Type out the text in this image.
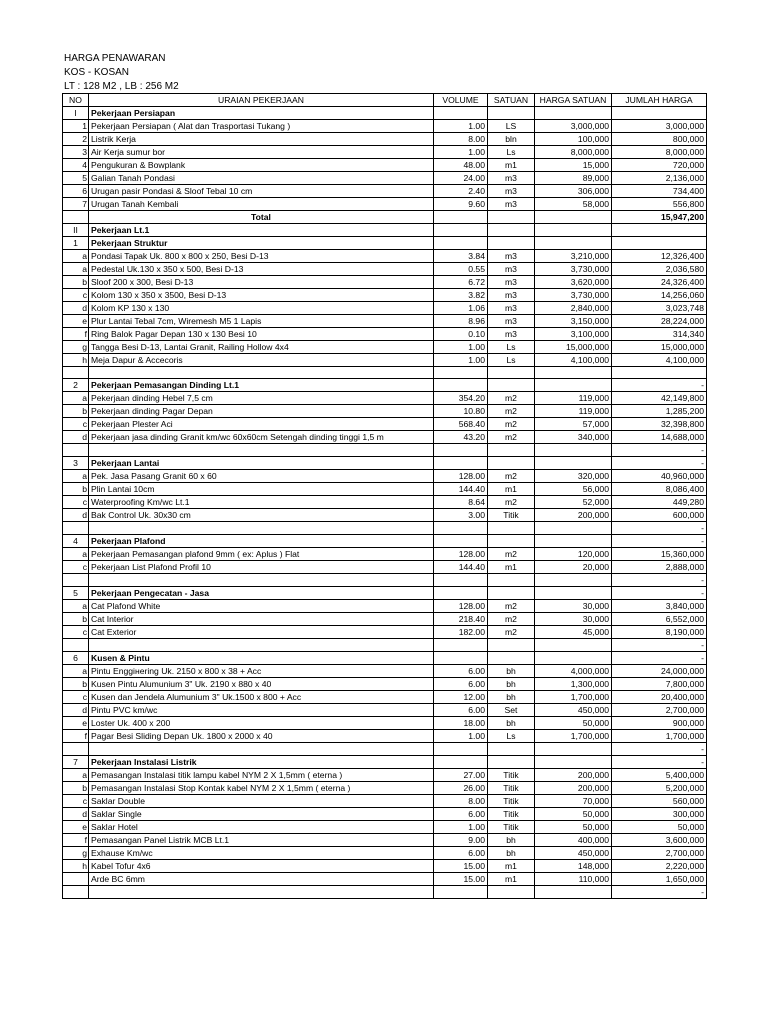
HARGA PENAWARAN
KOS - KOSAN
LT : 128 M2 , LB : 256 M2
NO	URAIAN PEKERJAAN	VOLUME	SATUAN	HARGA SATUAN	JUMLAH HARGA
I	Pekerjaan Persiapan				
1	Pekerjaan Persiapan ( Alat dan Trasportasi Tukang )	1.00	LS	3,000,000	3,000,000
2	Listrik Kerja	8.00	bln	100,000	800,000
3	Air Kerja sumur bor	1.00	Ls	8,000,000	8,000,000
4	Pengukuran & Bowplank	48.00	m1	15,000	720,000
5	Galian Tanah Pondasi	24.00	m3	89,000	2,136,000
6	Urugan pasir Pondasi & Sloof Tebal 10 cm	2.40	m3	306,000	734,400
7	Urugan Tanah Kembali	9.60	m3	58,000	556,800
	Total				15,947,200
II	Pekerjaan Lt.1				
1	Pekerjaan Struktur				
a	Pondasi Tapak Uk. 800 x 800 x 250, Besi D-13	3.84	m3	3,210,000	12,326,400
a	Pedestal Uk.130 x 350 x 500, Besi D-13	0.55	m3	3,730,000	2,036,580
b	Sloof 200 x 300, Besi D-13	6.72	m3	3,620,000	24,326,400
c	Kolom 130 x 350 x 3500, Besi D-13	3.82	m3	3,730,000	14,256,060
d	Kolom KP 130 x 130	1.06	m3	2,840,000	3,023,748
e	Plur Lantai Tebal 7cm, Wiremesh M5 1 Lapis	8.96	m3	3,150,000	28,224,000
f	Ring Balok Pagar Depan 130 x 130 Besi 10	0.10	m3	3,100,000	314,340
g	Tangga Besi D-13, Lantai Granit, Railing Hollow 4x4	1.00	Ls	15,000,000	15,000,000
h	Meja Dapur & Accecoris	1.00	Ls	4,100,000	4,100,000

2	Pekerjaan Pemasangan Dinding Lt.1				-
a	Pekerjaan dinding Hebel 7,5 cm	354.20	m2	119,000	42,149,800
b	Pekerjaan dinding Pagar Depan	10.80	m2	119,000	1,285,200
c	Pekerjaan Plester Aci	568.40	m2	57,000	32,398,800
d	Pekerjaan jasa dinding Granit km/wc 60x60cm Setengah dinding tinggi 1,5 m	43.20	m2	340,000	14,688,000
					-
3	Pekerjaan Lantai				-
a	Pek. Jasa Pasang Granit 60 x 60	128.00	m2	320,000	40,960,000
b	Plin Lantai 10cm	144.40	m1	56,000	8,086,400
c	Waterproofing Km/wc Lt.1	8.64	m2	52,000	449,280
d	Bak Control Uk. 30x30 cm	3.00	Titik	200,000	600,000
					-
4	Pekerjaan Plafond				-
a	Pekerjaan Pemasangan plafond 9mm ( ex: Aplus ) Flat	128.00	m2	120,000	15,360,000
c	Pekerjaan List Plafond Profil 10	144.40	m1	20,000	2,888,000
					-
5	Pekerjaan Pengecatan - Jasa				-
a	Cat Plafond White	128.00	m2	30,000	3,840,000
b	Cat Interior	218.40	m2	30,000	6,552,000
c	Cat Exterior	182.00	m2	45,000	8,190,000
					-
6	Kusen & Pintu				-
a	Pintu Enggінering Uk. 2150 x 800 x 38 + Acc	6.00	bh	4,000,000	24,000,000
b	Kusen Pintu Alumunium 3" Uk. 2190 x 880 x 40	6.00	bh	1,300,000	7,800,000
c	Kusen dan Jendela Alumunium 3" Uk.1500 x 800 + Acc	12.00	bh	1,700,000	20,400,000
d	Pintu PVC km/wc	6.00	Set	450,000	2,700,000
e	Loster Uk. 400 x 200	18.00	bh	50,000	900,000
f	Pagar Besi Sliding Depan Uk. 1800 x 2000 x 40	1.00	Ls	1,700,000	1,700,000
					-
7	Pekerjaan Instalasi Listrik				-
a	Pemasangan Instalasi titik lampu kabel NYM 2 X 1,5mm ( eterna )	27.00	Titik	200,000	5,400,000
b	Pemasangan Instalasi Stop Kontak kabel NYM 2 X 1,5mm ( eterna )	26.00	Titik	200,000	5,200,000
c	Saklar Double	8.00	Titik	70,000	560,000
d	Saklar Single	6.00	Titik	50,000	300,000
e	Saklar Hotel	1.00	Titik	50,000	50,000
f	Pemasangan Panel Listrik MCB Lt.1	9.00	bh	400,000	3,600,000
g	Exhause Km/wc	6.00	bh	450,000	2,700,000
h	Kabel Tofur 4x6	15.00	m1	148,000	2,220,000
	Arde BC 6mm	15.00	m1	110,000	1,650,000
					-
